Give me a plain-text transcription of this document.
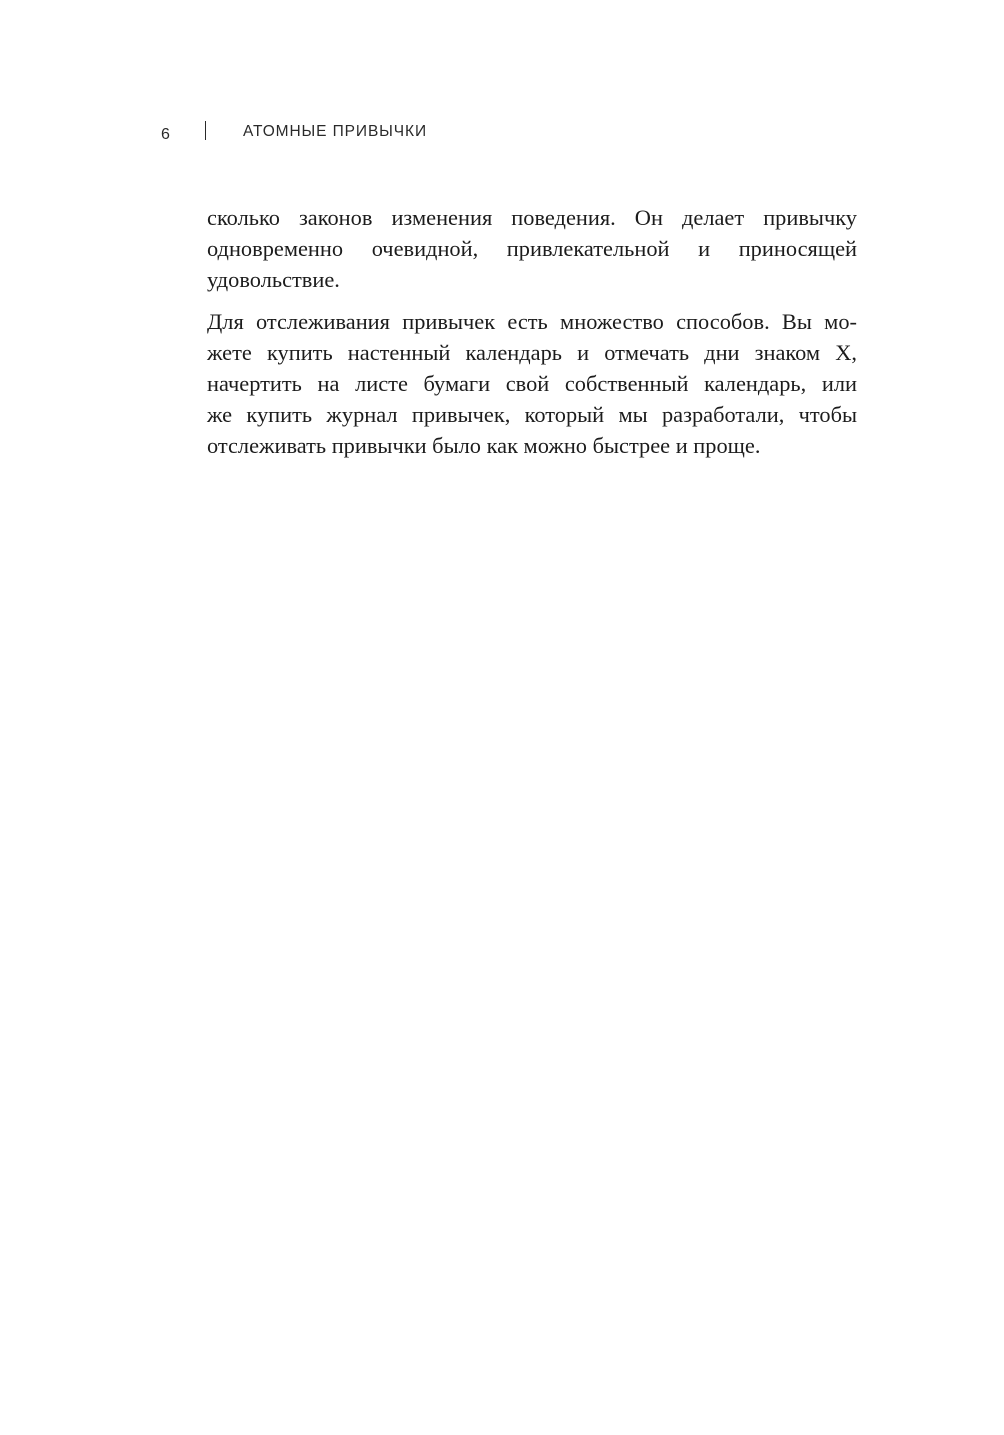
6	АТОМНЫЕ ПРИВЫЧКИ

сколько законов изменения поведения. Он делает привычку
одновременно очевидной, привлекательной и приносящей
удовольствие.

Для отслеживания привычек есть множество способов. Вы мо-
жете купить настенный календарь и отмечать дни знаком X,
начертить на листе бумаги свой собственный календарь, или
же купить журнал привычек, который мы разработали, чтобы
отслеживать привычки было как можно быстрее и проще.
